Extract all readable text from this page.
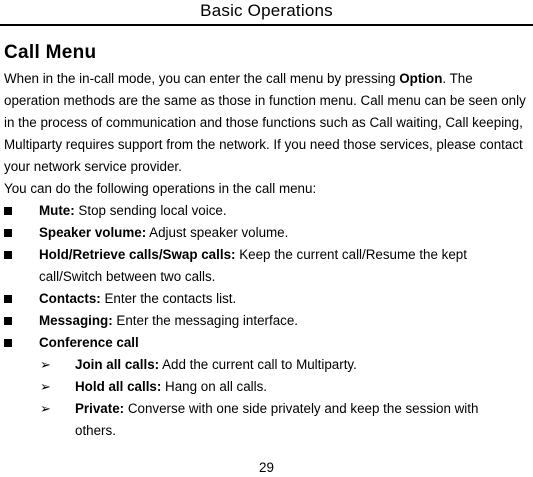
Basic Operations
Call Menu

When in the in-call mode, you can enter the call menu by pressing Option. The operation methods are the same as those in function menu. Call menu can be seen only in the process of communication and those functions such as Call waiting, Call keeping, Multiparty requires support from the network. If you need those services, please contact your network service provider.
You can do the following operations in the call menu:

Mute: Stop sending local voice.
Speaker volume: Adjust speaker volume.
Hold/Retrieve calls/Swap calls: Keep the current call/Resume the kept call/Switch between two calls.
Contacts: Enter the contacts list.
Messaging: Enter the messaging interface.
Conference call
➢ Join all calls: Add the current call to Multiparty.
➢ Hold all calls: Hang on all calls.
➢ Private: Converse with one side privately and keep the session with others.
29
